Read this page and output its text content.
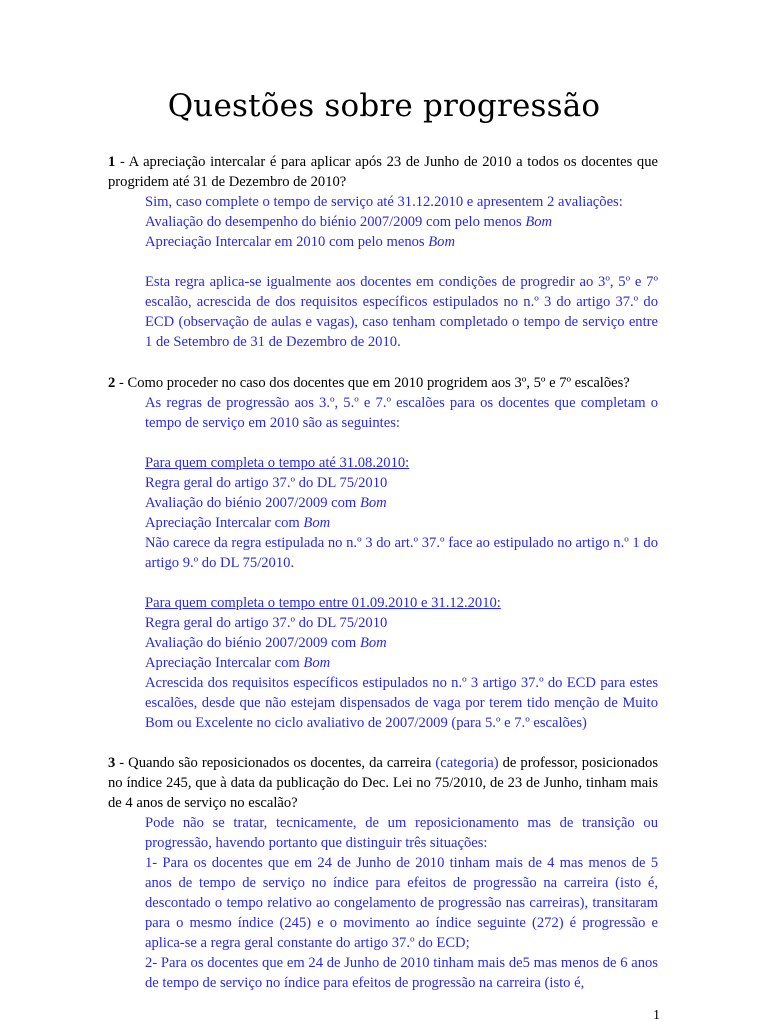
Questões sobre progressão

1 - A apreciação intercalar é para aplicar após 23 de Junho de 2010 a todos os docentes que progridem até 31 de Dezembro de 2010?

Sim, caso complete o tempo de serviço até 31.12.2010 e apresentem 2 avaliações:

Avaliação do desempenho do biénio 2007/2009 com pelo menos Bom

Apreciação Intercalar em 2010 com pelo menos Bom

Esta regra aplica-se igualmente aos docentes em condições de progredir ao 3º, 5º e 7º escalão, acrescida de dos requisitos específicos estipulados no n.º 3 do artigo 37.º do ECD (observação de aulas e vagas), caso tenham completado o tempo de serviço entre 1 de Setembro de 31 de Dezembro de 2010.

2 - Como proceder no caso dos docentes que em 2010 progridem aos 3º, 5º e 7º escalões?

As regras de progressão aos 3.º, 5.º e 7.º escalões para os docentes que completam o tempo de serviço em 2010 são as seguintes:

Para quem completa o tempo até 31.08.2010:

Regra geral do artigo 37.º do DL 75/2010

Avaliação do biénio 2007/2009 com Bom

Apreciação Intercalar com Bom

Não carece da regra estipulada no n.º 3 do art.º 37.º face ao estipulado no artigo n.º 1 do artigo 9.º do DL 75/2010.

Para quem completa o tempo entre 01.09.2010 e 31.12.2010:

Regra geral do artigo 37.º do DL 75/2010

Avaliação do biénio 2007/2009 com Bom

Apreciação Intercalar com Bom

Acrescida dos requisitos específicos estipulados no n.º 3 artigo 37.º do ECD para estes escalões, desde que não estejam dispensados de vaga por terem tido menção de Muito Bom ou Excelente no ciclo avaliativo de 2007/2009 (para 5.º e 7.º escalões)

3 - Quando são reposicionados os docentes, da carreira (categoria) de professor, posicionados no índice 245, que à data da publicação do Dec. Lei no 75/2010, de 23 de Junho, tinham mais de 4 anos de serviço no escalão?

Pode não se tratar, tecnicamente, de um reposicionamento mas de transição ou progressão, havendo portanto que distinguir três situações:

1- Para os docentes que em 24 de Junho de 2010 tinham mais de 4 mas menos de 5 anos de tempo de serviço no índice para efeitos de progressão na carreira (isto é, descontado o tempo relativo ao congelamento de progressão nas carreiras), transitaram para o mesmo índice (245) e o movimento ao índice seguinte (272) é progressão e aplica-se a regra geral constante do artigo 37.º do ECD;

2- Para os docentes que em 24 de Junho de 2010 tinham mais de5 mas menos de 6 anos de tempo de serviço no índice para efeitos de progressão na carreira (isto é,

1
